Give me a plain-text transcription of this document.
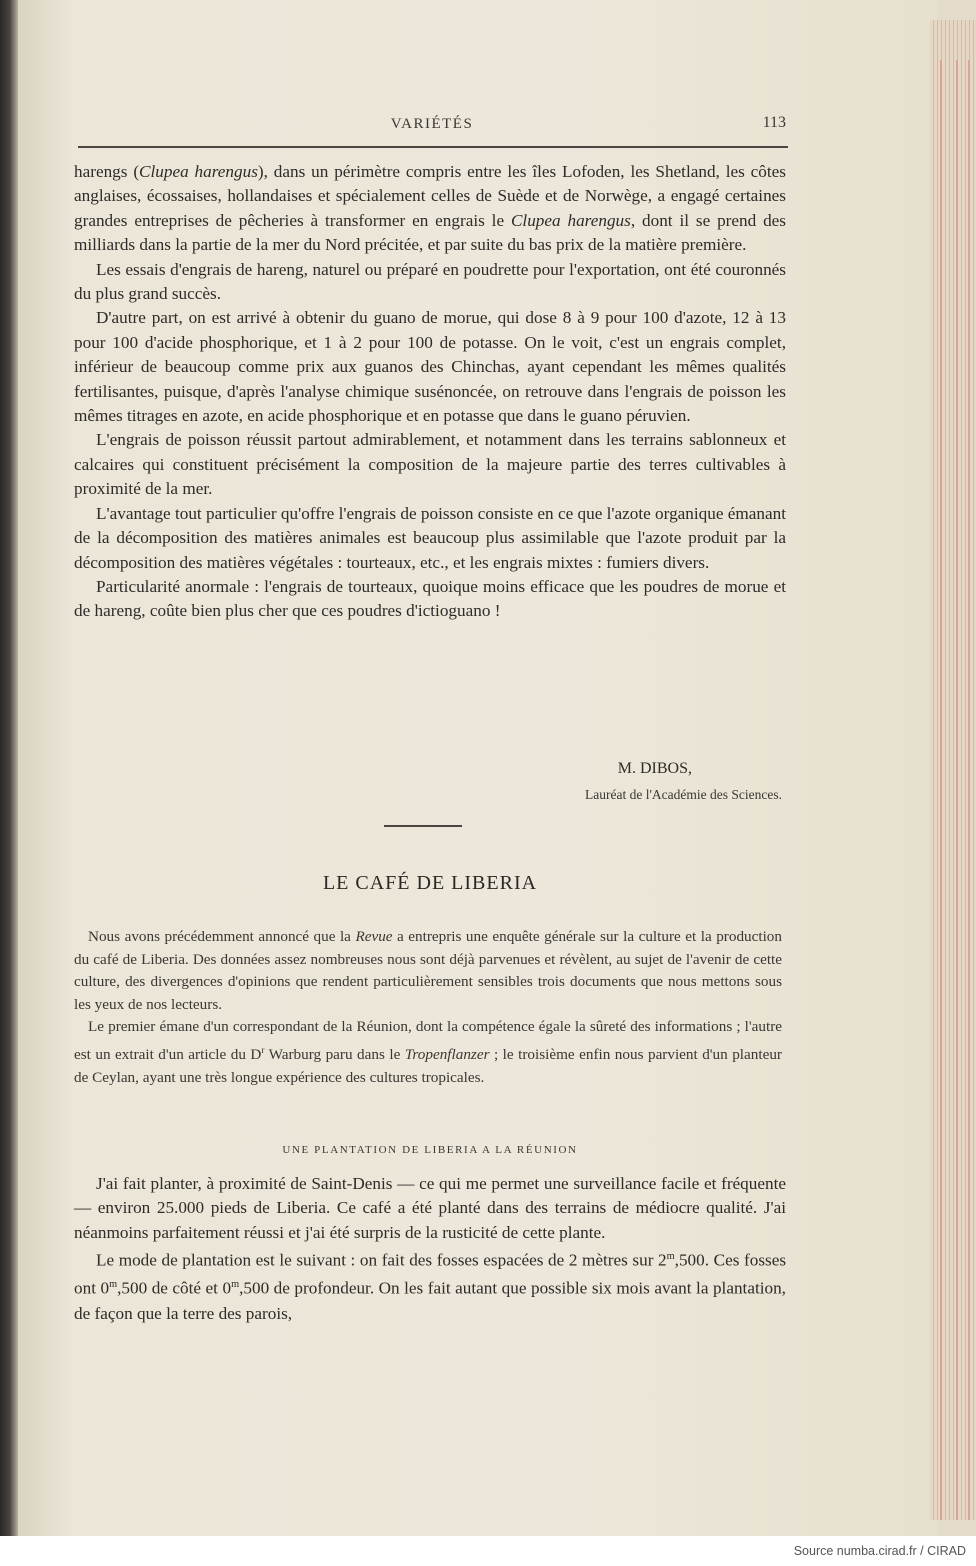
VARIÉTÉS	113

harengs (Clupea harengus), dans un périmètre compris entre les îles Lofoden, les Shetland, les côtes anglaises, écossaises, hollandaises et spécialement celles de Suède et de Norwège, a engagé certaines grandes entreprises de pêcheries à transformer en engrais le Clupea harengus, dont il se prend des milliards dans la partie de la mer du Nord précitée, et par suite du bas prix de la matière première.

Les essais d'engrais de hareng, naturel ou préparé en poudrette pour l'exportation, ont été couronnés du plus grand succès.

D'autre part, on est arrivé à obtenir du guano de morue, qui dose 8 à 9 pour 100 d'azote, 12 à 13 pour 100 d'acide phosphorique, et 1 à 2 pour 100 de potasse. On le voit, c'est un engrais complet, inférieur de beaucoup comme prix aux guanos des Chinchas, ayant cependant les mêmes qualités fertilisantes, puisque, d'après l'analyse chimique susénoncée, on retrouve dans l'engrais de poisson les mêmes titrages en azote, en acide phosphorique et en potasse que dans le guano péruvien.

L'engrais de poisson réussit partout admirablement, et notamment dans les terrains sablonneux et calcaires qui constituent précisément la composition de la majeure partie des terres cultivables à proximité de la mer.

L'avantage tout particulier qu'offre l'engrais de poisson consiste en ce que l'azote organique émanant de la décomposition des matières animales est beaucoup plus assimilable que l'azote produit par la décomposition des matières végétales : tourteaux, etc., et les engrais mixtes : fumiers divers.

Particularité anormale : l'engrais de tourteaux, quoique moins efficace que les poudres de morue et de hareng, coûte bien plus cher que ces poudres d'ictioguano !

M. DIBOS,
Lauréat de l'Académie des Sciences.
LE CAFÉ DE LIBERIA

Nous avons précédemment annoncé que la Revue a entrepris une enquête générale sur la culture et la production du café de Liberia. Des données assez nombreuses nous sont déjà parvenues et révèlent, au sujet de l'avenir de cette culture, des divergences d'opinions que rendent particulièrement sensibles trois documents que nous mettons sous les yeux de nos lecteurs.

Le premier émane d'un correspondant de la Réunion, dont la compétence égale la sûreté des informations ; l'autre est un extrait d'un article du $D^r$ Warburg paru dans le Tropenflanzer ; le troisième enfin nous parvient d'un planteur de Ceylan, ayant une très longue expérience des cultures tropicales.

UNE PLANTATION DE LIBERIA A LA RÉUNION

J'ai fait planter, à proximité de Saint-Denis — ce qui me permet une surveillance facile et fréquente — environ 25.000 pieds de Liberia. Ce café a été planté dans des terrains de médiocre qualité. J'ai néanmoins parfaitement réussi et j'ai été surpris de la rusticité de cette plante.

Le mode de plantation est le suivant : on fait des fosses espacées de 2 mètres sur 2$^m$,500. Ces fosses ont 0$^m$,500 de côté et 0$^m$,500 de profondeur. On les fait autant que possible six mois avant la plantation, de façon que la terre des parois,

Source numba.cirad.fr / CIRAD
